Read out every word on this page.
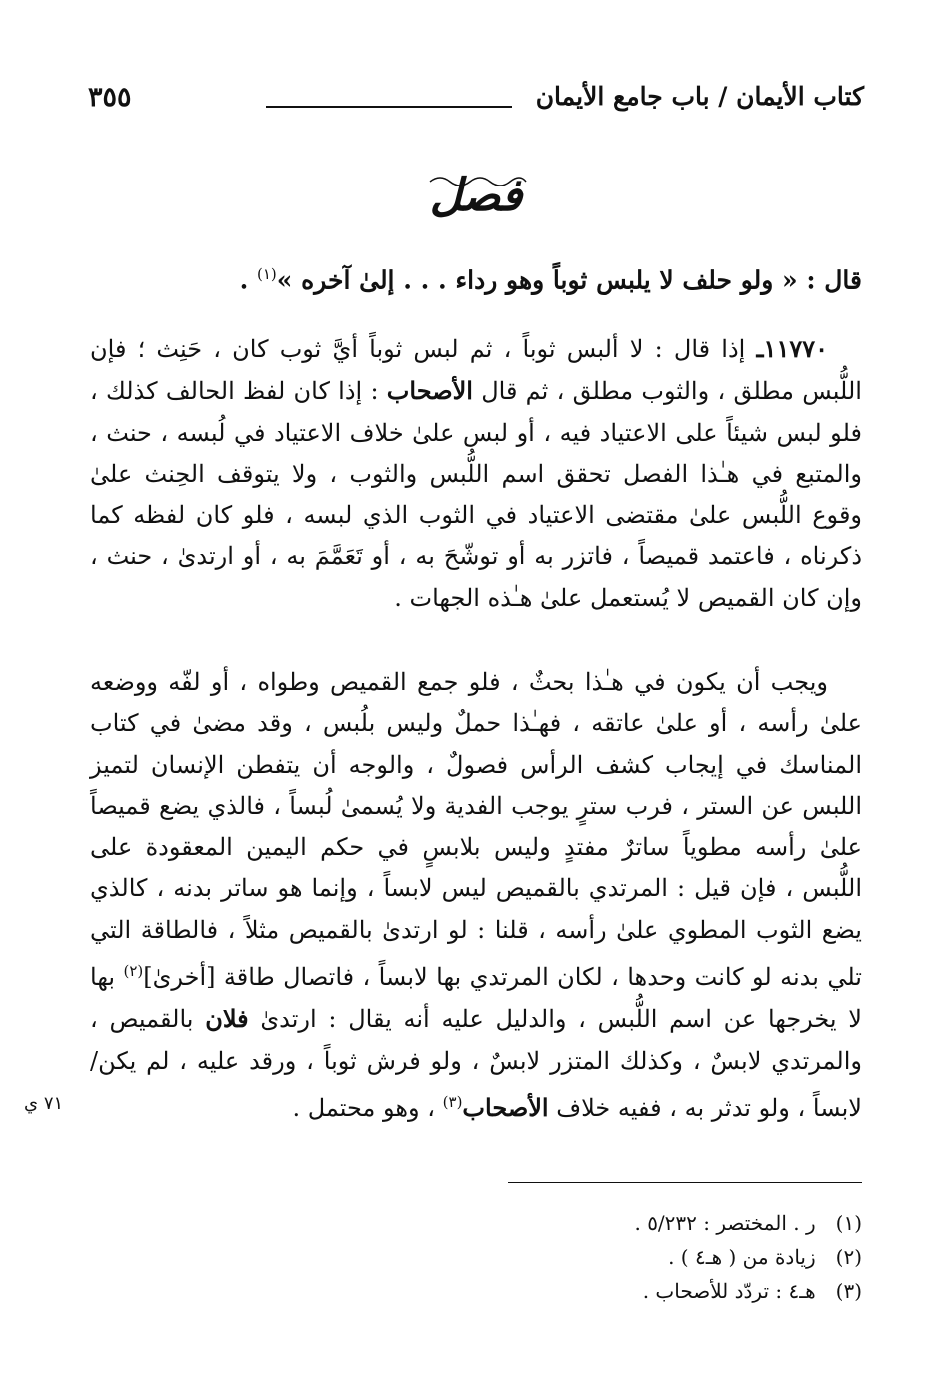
كتاب الأيمان / باب جامع الأيمان
٣٥٥
فصل
قال : « ولو حلف لا يلبس ثوباً وهو رداء . . . إلىٰ آخره »$^{(١)}$ .

١١٧٧٠ـ إذا قال : لا ألبس ثوباً ، ثم لبس ثوباً أيَّ ثوب كان ، حَنِث ؛ فإن اللُّبس مطلق ، والثوب مطلق ، ثم قال الأصحاب : إذا كان لفظ الحالف كذلك ، فلو لبس شيئاً على الاعتياد فيه ، أو لبس علىٰ خلاف الاعتياد في لُبسه ، حنث ، والمتبع في هـٰذا الفصل تحقق اسم اللُّبس والثوب ، ولا يتوقف الحِنث علىٰ وقوع اللُّبس علىٰ مقتضى الاعتياد في الثوب الذي لبسه ، فلو كان لفظه كما ذكرناه ، فاعتمد قميصاً ، فاتزر به أو توشّحَ به ، أو تَعَمَّمَ به ، أو ارتدىٰ ، حنث ، وإن كان القميص لا يُستعمل علىٰ هـٰذه الجهات .

ويجب أن يكون في هـٰذا بحثٌ ، فلو جمع القميص وطواه ، أو لفّه ووضعه علىٰ رأسه ، أو علىٰ عاتقه ، فهـٰذا حملٌ وليس بلُبس ، وقد مضىٰ في كتاب المناسك في إيجاب كشف الرأس فصولٌ ، والوجه أن يتفطن الإنسان لتميز اللبس عن الستر ، فرب سترٍ يوجب الفدية ولا يُسمىٰ لُبساً ، فالذي يضع قميصاً علىٰ رأسه مطوياً ساترٌ مفتدٍ وليس بلابسٍ في حكم اليمين المعقودة على اللُّبس ، فإن قيل : المرتدي بالقميص ليس لابساً ، وإنما هو ساتر بدنه ، كالذي يضع الثوب المطوي علىٰ رأسه ، قلنا : لو ارتدىٰ بالقميص مثلاً ، فالطاقة التي تلي بدنه لو كانت وحدها ، لكان المرتدي بها لابساً ، فاتصال طاقة [أخرىٰ]$^{(٢)}$ بها لا يخرجها عن اسم اللُّبس ، والدليل عليه أنه يقال : ارتدىٰ فلان بالقميص ، والمرتدي لابسٌ ، وكذلك المتزر لابسٌ ، ولو فرش ثوباً ، ورقد عليه ، لم يكن/ لابساً ، ولو تدثر به ، ففيه خلاف الأصحاب$^{(٣)}$ ، وهو محتمل .

٧١ ي
(١) ر . المختصر : ٥/٢٣٢ .
(٢) زيادة من ( هـ٤ ) .
(٣) هـ٤ : تردّد للأصحاب .
